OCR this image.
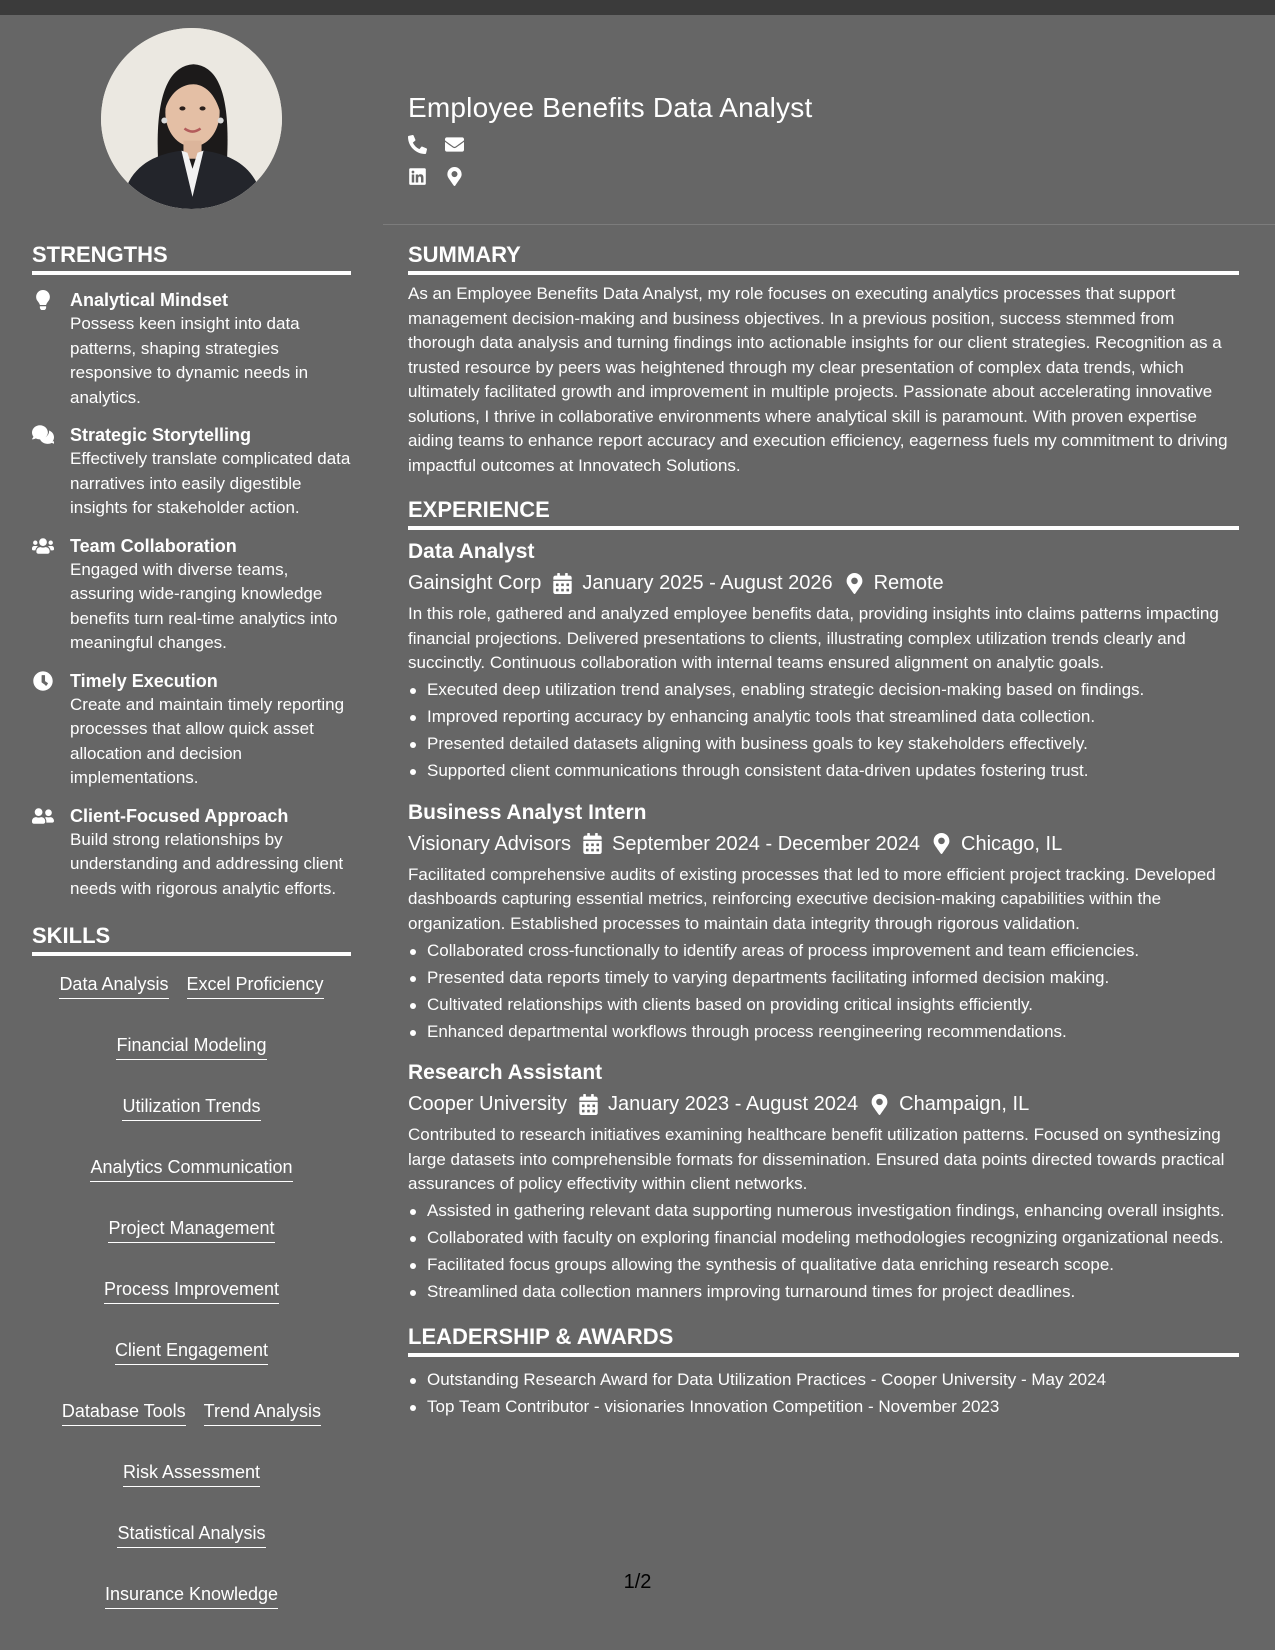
Employee Benefits Data Analyst
STRENGTHS
Analytical Mindset
Possess keen insight into data patterns, shaping strategies responsive to dynamic needs in analytics.
Strategic Storytelling
Effectively translate complicated data narratives into easily digestible insights for stakeholder action.
Team Collaboration
Engaged with diverse teams, assuring wide-ranging knowledge benefits turn real-time analytics into meaningful changes.
Timely Execution
Create and maintain timely reporting processes that allow quick asset allocation and decision implementations.
Client-Focused Approach
Build strong relationships by understanding and addressing client needs with rigorous analytic efforts.
SKILLS
Data Analysis Excel Proficiency
Financial Modeling
Utilization Trends
Analytics Communication
Project Management
Process Improvement
Client Engagement
Database Tools Trend Analysis
Risk Assessment
Statistical Analysis
Insurance Knowledge
SUMMARY

As an Employee Benefits Data Analyst, my role focuses on executing analytics processes that support management decision-making and business objectives. In a previous position, success stemmed from thorough data analysis and turning findings into actionable insights for our client strategies. Recognition as a trusted resource by peers was heightened through my clear presentation of complex data trends, which ultimately facilitated growth and improvement in multiple projects. Passionate about accelerating innovative solutions, I thrive in collaborative environments where analytical skill is paramount. With proven expertise aiding teams to enhance report accuracy and execution efficiency, eagerness fuels my commitment to driving impactful outcomes at Innovatech Solutions.

EXPERIENCE
Data Analyst
Gainsight Corp January 2025 - August 2026 Remote

In this role, gathered and analyzed employee benefits data, providing insights into claims patterns impacting financial projections. Delivered presentations to clients, illustrating complex utilization trends clearly and succinctly. Continuous collaboration with internal teams ensured alignment on analytic goals.

Executed deep utilization trend analyses, enabling strategic decision-making based on findings.
Improved reporting accuracy by enhancing analytic tools that streamlined data collection.
Presented detailed datasets aligning with business goals to key stakeholders effectively.
Supported client communications through consistent data-driven updates fostering trust.
Business Analyst Intern
Visionary Advisors September 2024 - December 2024 Chicago, IL

Facilitated comprehensive audits of existing processes that led to more efficient project tracking. Developed dashboards capturing essential metrics, reinforcing executive decision-making capabilities within the organization. Established processes to maintain data integrity through rigorous validation.

Collaborated cross-functionally to identify areas of process improvement and team efficiencies.
Presented data reports timely to varying departments facilitating informed decision making.
Cultivated relationships with clients based on providing critical insights efficiently.
Enhanced departmental workflows through process reengineering recommendations.
Research Assistant
Cooper University January 2023 - August 2024 Champaign, IL

Contributed to research initiatives examining healthcare benefit utilization patterns. Focused on synthesizing large datasets into comprehensible formats for dissemination. Ensured data points directed towards practical assurances of policy effectivity within client networks.

Assisted in gathering relevant data supporting numerous investigation findings, enhancing overall insights.
Collaborated with faculty on exploring financial modeling methodologies recognizing organizational needs.
Facilitated focus groups allowing the synthesis of qualitative data enriching research scope.
Streamlined data collection manners improving turnaround times for project deadlines.
LEADERSHIP & AWARDS
Outstanding Research Award for Data Utilization Practices - Cooper University - May 2024
Top Team Contributor - visionaries Innovation Competition - November 2023
1/2
